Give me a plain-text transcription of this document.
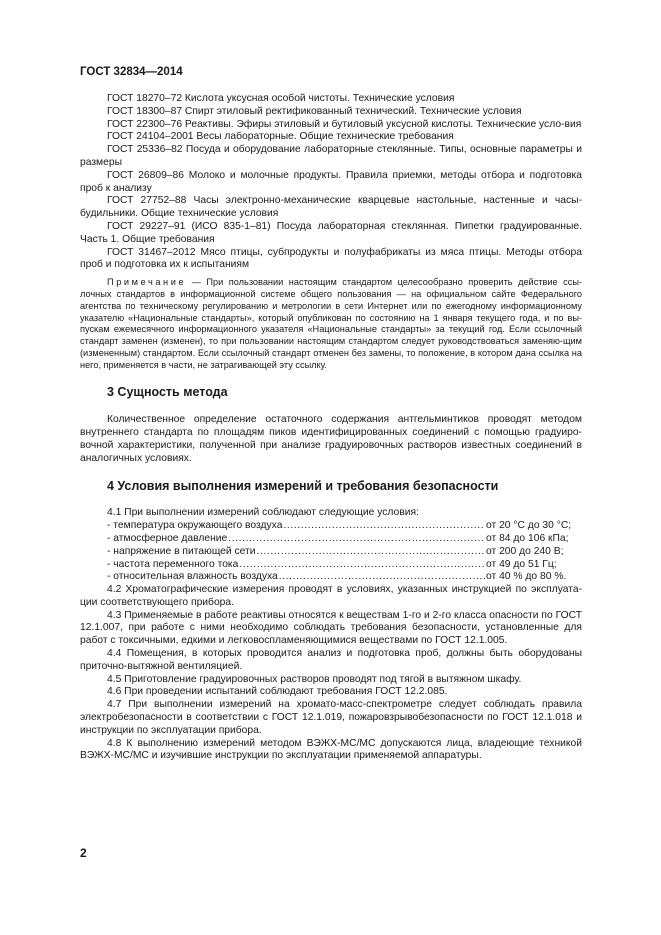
ГОСТ 32834—2014

ГОСТ 18270–72 Кислота уксусная особой чистоты. Технические условия

ГОСТ 18300–87 Спирт этиловый ректификованный технический. Технические условия

ГОСТ 22300–76 Реактивы. Эфиры этиловый и бутиловый уксусной кислоты. Технические усло-вия

ГОСТ 24104–2001 Весы лабораторные. Общие технические требования

ГОСТ 25336–82 Посуда и оборудование лабораторные стеклянные. Типы, основные параметры и размеры

ГОСТ 26809–86 Молоко и молочные продукты. Правила приемки, методы отбора и подготовка проб к анализу

ГОСТ 27752–88 Часы электронно-механические кварцевые настольные, настенные и часы-будильники. Общие технические условия

ГОСТ 29227–91 (ИСО 835-1–81) Посуда лабораторная стеклянная. Пипетки градуированные. Часть 1. Общие требования

ГОСТ 31467–2012 Мясо птицы, субпродукты и полуфабрикаты из мяса птицы. Методы отбора проб и подготовка их к испытаниям

Примечание — При пользовании настоящим стандартом целесообразно проверить действие ссы-лочных стандартов в информационной системе общего пользования — на официальном сайте Федерального агентства по техническому регулированию и метрологии в сети Интернет или по ежегодному информационному указателю «Национальные стандарты», который опубликован по состоянию на 1 января текущего года, и по вы-пускам ежемесячного информационного указателя «Национальные стандарты» за текущий год. Если ссылочный стандарт заменен (изменен), то при пользовании настоящим стандартом следует руководствоваться заменяю-щим (измененным) стандартом. Если ссылочный стандарт отменен без замены, то положение, в котором дана ссылка на него, применяется в части, не затрагивающей эту ссылку.

3 Сущность метода

Количественное определение остаточного содержания антгельминтиков проводят методом внутреннего стандарта по площадям пиков идентифицированных соединений с помощью градуиро-вочной характеристики, полученной при анализе градуировочных растворов известных соединений в аналогичных условиях.

4 Условия выполнения измерений и требования безопасности

4.1 При выполнении измерений соблюдают следующие условия:

- температура окружающего воздуха .....	от 20 °С до 30 °С;
- атмосферное давление .....	от 84 до 106 кПа;
- напряжение в питающей сети .....	от 200 до 240 В;
- частота переменного тока .....	от 49 до 51 Гц;
- относительная влажность воздуха .....	от 40 % до 80 %.

4.2 Хроматографические измерения проводят в условиях, указанных инструкцией по эксплуата-ции соответствующего прибора.

4.3 Применяемые в работе реактивы относятся к веществам 1-го и 2-го класса опасности по ГОСТ 12.1.007, при работе с ними необходимо соблюдать требования безопасности, установленные для работ с токсичными, едкими и легковоспламеняющимися веществами по ГОСТ 12.1.005.

4.4 Помещения, в которых проводится анализ и подготовка проб, должны быть оборудованы приточно-вытяжной вентиляцией.

4.5 Приготовление градуировочных растворов проводят под тягой в вытяжном шкафу.

4.6 При проведении испытаний соблюдают требования ГОСТ 12.2.085.

4.7 При выполнении измерений на хромато-масс-спектрометре следует соблюдать правила электробезопасности в соответствии с ГОСТ 12.1.019, пожаровзрывобезопасности по ГОСТ 12.1.018 и инструкции по эксплуатации прибора.

4.8 К выполнению измерений методом ВЭЖХ-МС/МС допускаются лица, владеющие техникой ВЭЖХ-МС/МС и изучившие инструкции по эксплуатации применяемой аппаратуры.

2
